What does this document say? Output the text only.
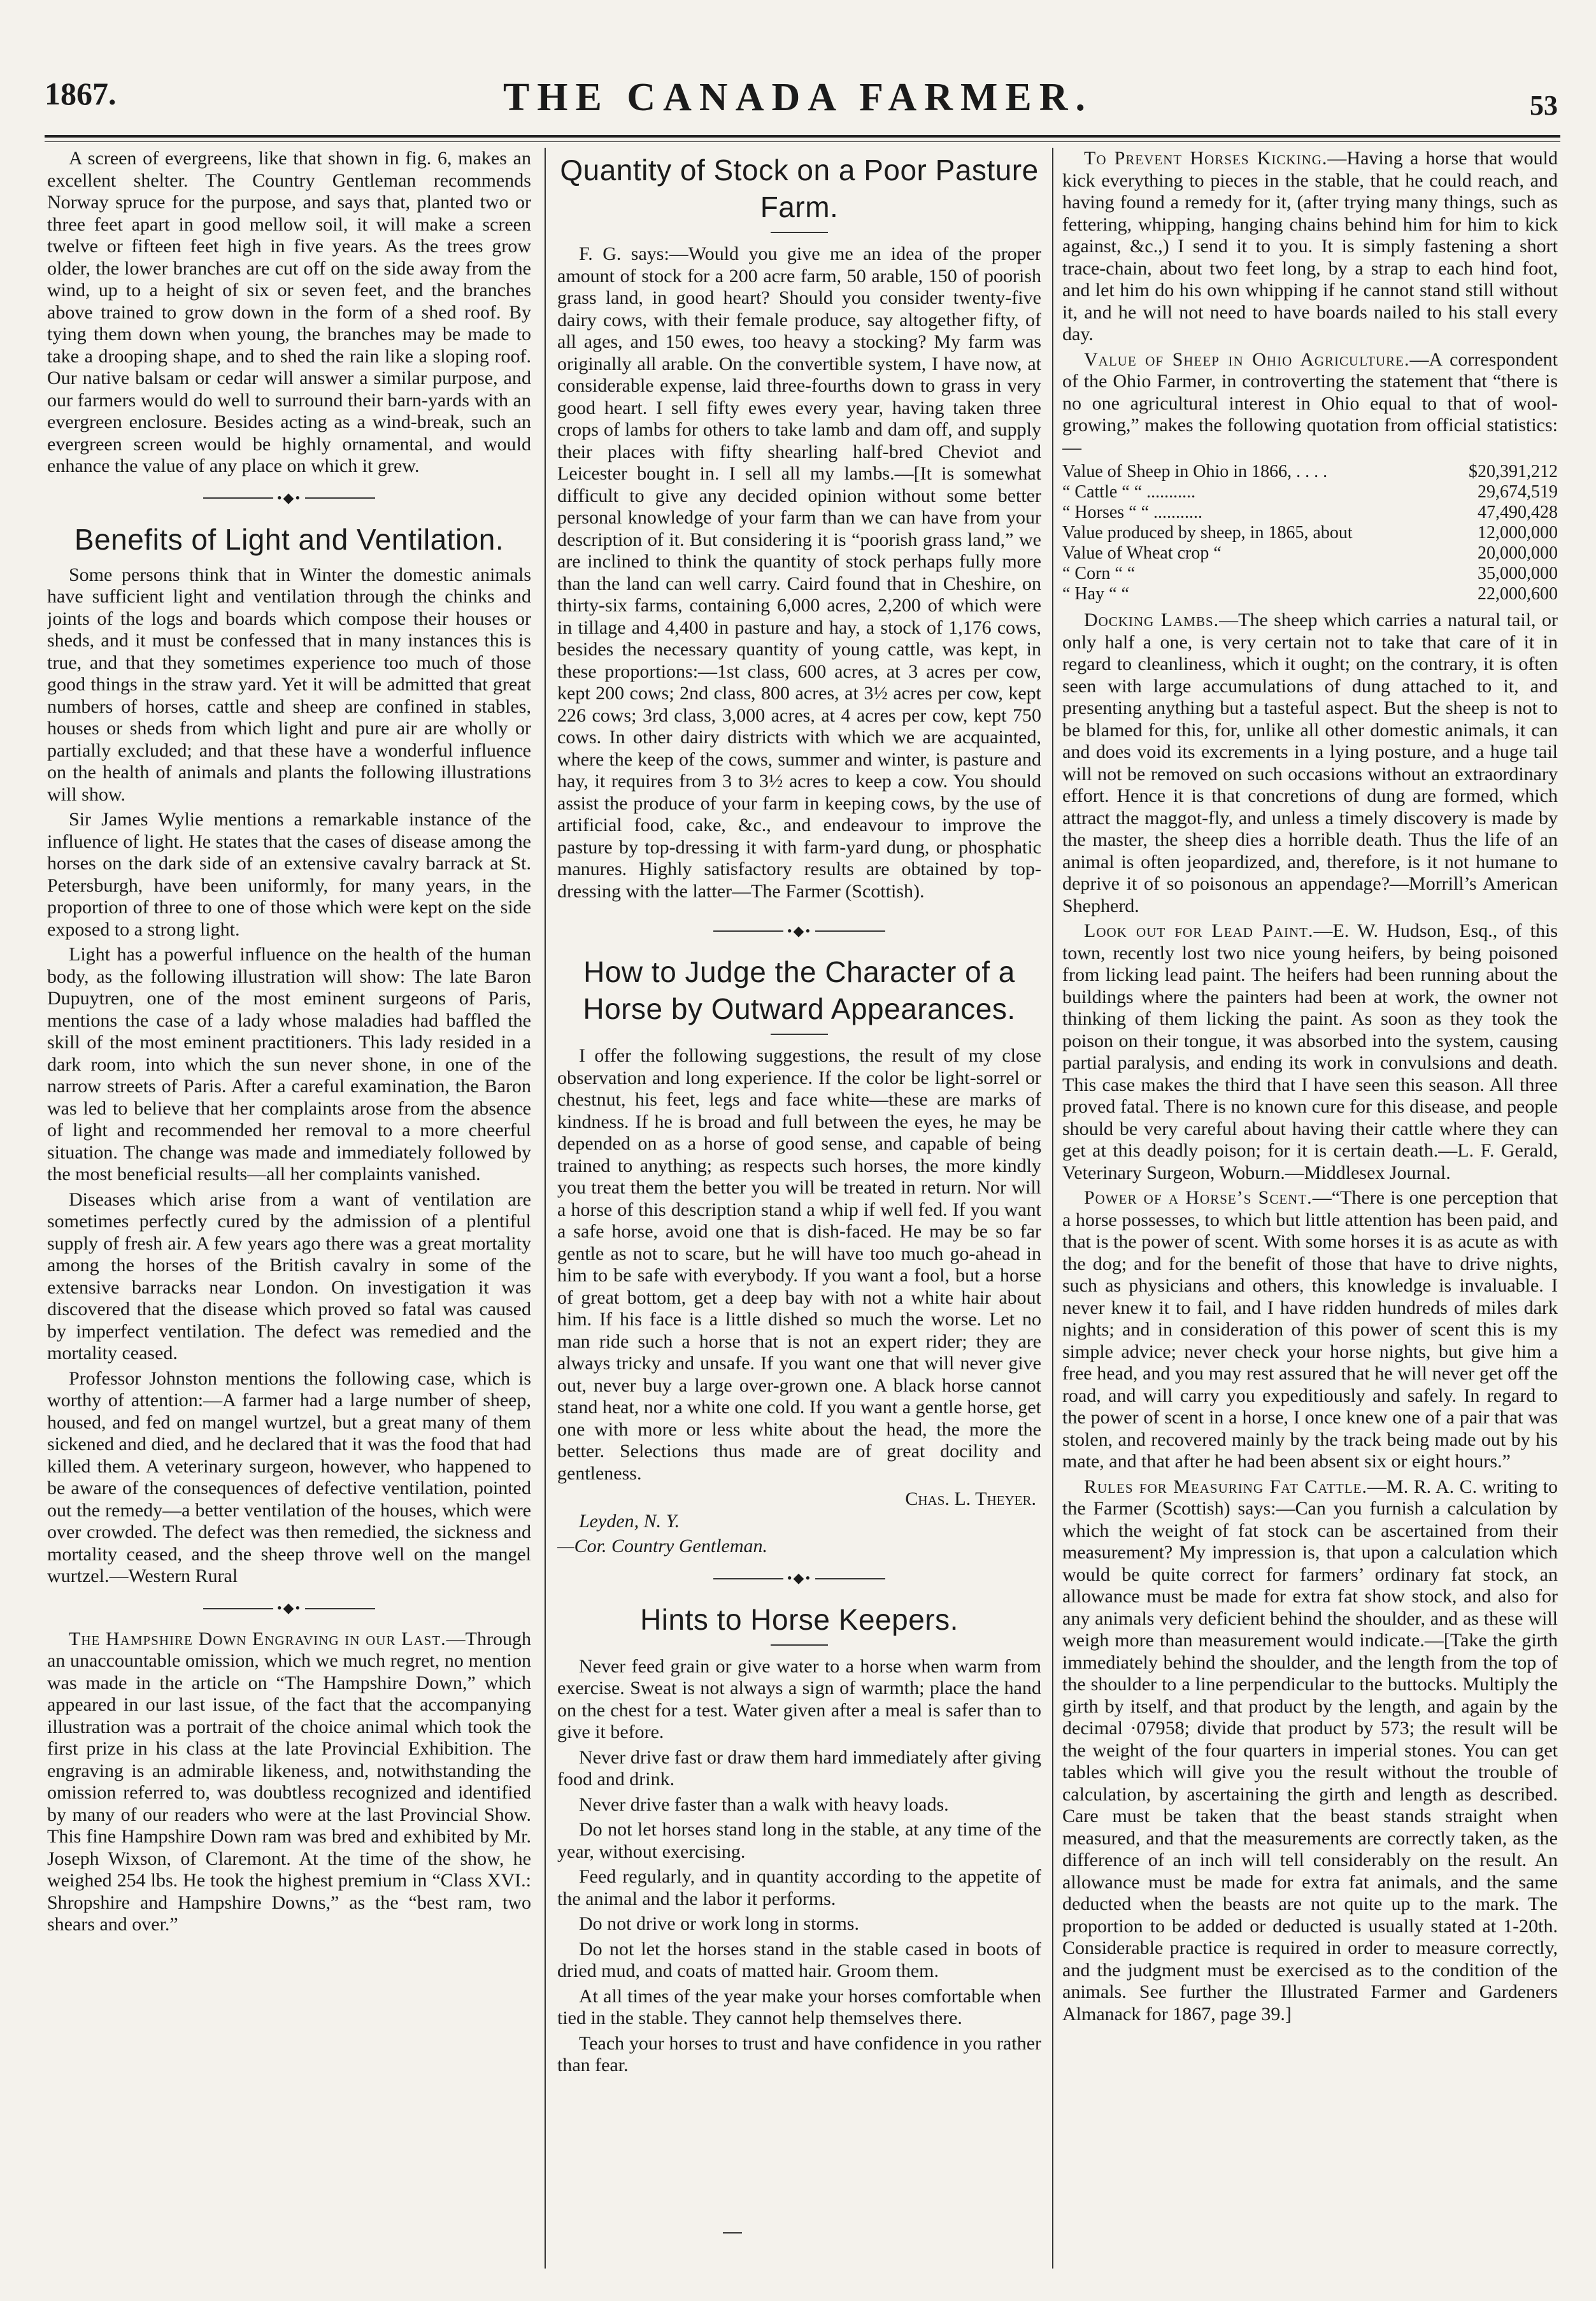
1867.	THE CANADA FARMER.	53

A screen of evergreens, like that shown in fig. 6, makes an excellent shelter. The Country Gentleman recommends Norway spruce for the purpose, and says that, planted two or three feet apart in good mellow soil, it will make a screen twelve or fifteen feet high in five years. As the trees grow older, the lower branches are cut off on the side away from the wind, up to a height of six or seven feet, and the branches above trained to grow down in the form of a shed roof. By tying them down when young, the branches may be made to take a drooping shape, and to shed the rain like a sloping roof. Our native balsam or cedar will answer a similar purpose, and our farmers would do well to surround their barn-yards with an evergreen enclosure. Besides acting as a wind-break, such an evergreen screen would be highly ornamental, and would enhance the value of any place on which it grew.

•◆•
Benefits of Light and Ventilation.

Some persons think that in Winter the domestic animals have sufficient light and ventilation through the chinks and joints of the logs and boards which compose their houses or sheds, and it must be confessed that in many instances this is true, and that they sometimes experience too much of those good things in the straw yard. Yet it will be admitted that great numbers of horses, cattle and sheep are confined in stables, houses or sheds from which light and pure air are wholly or partially excluded; and that these have a wonderful influence on the health of animals and plants the following illustrations will show.

Sir James Wylie mentions a remarkable instance of the influence of light. He states that the cases of disease among the horses on the dark side of an extensive cavalry barrack at St. Petersburgh, have been uniformly, for many years, in the proportion of three to one of those which were kept on the side exposed to a strong light.

Light has a powerful influence on the health of the human body, as the following illustration will show: The late Baron Dupuytren, one of the most eminent surgeons of Paris, mentions the case of a lady whose maladies had baffled the skill of the most eminent practitioners. This lady resided in a dark room, into which the sun never shone, in one of the narrow streets of Paris. After a careful examination, the Baron was led to believe that her complaints arose from the absence of light and recommended her removal to a more cheerful situation. The change was made and immediately followed by the most beneficial results—all her complaints vanished.

Diseases which arise from a want of ventilation are sometimes perfectly cured by the admission of a plentiful supply of fresh air. A few years ago there was a great mortality among the horses of the British cavalry in some of the extensive barracks near London. On investigation it was discovered that the disease which proved so fatal was caused by imperfect ventilation. The defect was remedied and the mortality ceased.

Professor Johnston mentions the following case, which is worthy of attention:—A farmer had a large number of sheep, housed, and fed on mangel wurtzel, but a great many of them sickened and died, and he declared that it was the food that had killed them. A veterinary surgeon, however, who happened to be aware of the consequences of defective ventilation, pointed out the remedy—a better ventilation of the houses, which were over crowded. The defect was then remedied, the sickness and mortality ceased, and the sheep throve well on the mangel wurtzel.—Western Rural

•◆•

The Hampshire Down Engraving in our Last.—Through an unaccountable omission, which we much regret, no mention was made in the article on “The Hampshire Down,” which appeared in our last issue, of the fact that the accompanying illustration was a portrait of the choice animal which took the first prize in his class at the late Provincial Exhibition. The engraving is an admirable likeness, and, notwithstanding the omission referred to, was doubtless recognized and identified by many of our readers who were at the last Provincial Show. This fine Hampshire Down ram was bred and exhibited by Mr. Joseph Wixson, of Claremont. At the time of the show, he weighed 254 lbs. He took the highest premium in “Class XVI.: Shropshire and Hampshire Downs,” as the “best ram, two shears and over.”

Quantity of Stock on a Poor Pasture Farm.

F. G. says:—Would you give me an idea of the proper amount of stock for a 200 acre farm, 50 arable, 150 of poorish grass land, in good heart? Should you consider twenty-five dairy cows, with their female produce, say altogether fifty, of all ages, and 150 ewes, too heavy a stocking? My farm was originally all arable. On the convertible system, I have now, at considerable expense, laid three-fourths down to grass in very good heart. I sell fifty ewes every year, having taken three crops of lambs for others to take lamb and dam off, and supply their places with fifty shearling half-bred Cheviot and Leicester bought in. I sell all my lambs.—[It is somewhat difficult to give any decided opinion without some better personal knowledge of your farm than we can have from your description of it. But considering it is “poorish grass land,” we are inclined to think the quantity of stock perhaps fully more than the land can well carry. Caird found that in Cheshire, on thirty-six farms, containing 6,000 acres, 2,200 of which were in tillage and 4,400 in pasture and hay, a stock of 1,176 cows, besides the necessary quantity of young cattle, was kept, in these proportions:—1st class, 600 acres, at 3 acres per cow, kept 200 cows; 2nd class, 800 acres, at 3½ acres per cow, kept 226 cows; 3rd class, 3,000 acres, at 4 acres per cow, kept 750 cows. In other dairy districts with which we are acquainted, where the keep of the cows, summer and winter, is pasture and hay, it requires from 3 to 3½ acres to keep a cow. You should assist the produce of your farm in keeping cows, by the use of artificial food, cake, &c., and endeavour to improve the pasture by top-dressing it with farm-yard dung, or phosphatic manures. Highly satisfactory results are obtained by top-dressing with the latter—The Farmer (Scottish).

•◆•
How to Judge the Character of a Horse by Outward Appearances.

I offer the following suggestions, the result of my close observation and long experience. If the color be light-sorrel or chestnut, his feet, legs and face white—these are marks of kindness. If he is broad and full between the eyes, he may be depended on as a horse of good sense, and capable of being trained to anything; as respects such horses, the more kindly you treat them the better you will be treated in return. Nor will a horse of this description stand a whip if well fed. If you want a safe horse, avoid one that is dish-faced. He may be so far gentle as not to scare, but he will have too much go-ahead in him to be safe with everybody. If you want a fool, but a horse of great bottom, get a deep bay with not a white hair about him. If his face is a little dished so much the worse. Let no man ride such a horse that is not an expert rider; they are always tricky and unsafe. If you want one that will never give out, never buy a large over-grown one. A black horse cannot stand heat, nor a white one cold. If you want a gentle horse, get one with more or less white about the head, the more the better. Selections thus made are of great docility and gentleness.

Chas. L. Theyer.

Leyden, N. Y.

—Cor. Country Gentleman.

•◆•
Hints to Horse Keepers.

Never feed grain or give water to a horse when warm from exercise. Sweat is not always a sign of warmth; place the hand on the chest for a test. Water given after a meal is safer than to give it before.

Never drive fast or draw them hard immediately after giving food and drink.

Never drive faster than a walk with heavy loads.

Do not let horses stand long in the stable, at any time of the year, without exercising.

Feed regularly, and in quantity according to the appetite of the animal and the labor it performs.

Do not drive or work long in storms.

Do not let the horses stand in the stable cased in boots of dried mud, and coats of matted hair. Groom them.

At all times of the year make your horses comfortable when tied in the stable. They cannot help themselves there.

Teach your horses to trust and have confidence in you rather than fear.

To Prevent Horses Kicking.—Having a horse that would kick everything to pieces in the stable, that he could reach, and having found a remedy for it, (after trying many things, such as fettering, whipping, hanging chains behind him for him to kick against, &c.,) I send it to you. It is simply fastening a short trace-chain, about two feet long, by a strap to each hind foot, and let him do his own whipping if he cannot stand still without it, and he will not need to have boards nailed to his stall every day.

Value of Sheep in Ohio Agriculture.—A correspondent of the Ohio Farmer, in controverting the statement that “there is no one agricultural interest in Ohio equal to that of wool-growing,” makes the following quotation from official statistics:—

Value of Sheep in Ohio in 1866, . . . .	$20,391,212
“ Cattle “ “ ...........	29,674,519
“ Horses “ “ ...........	47,490,428
Value produced by sheep, in 1865, about	12,000,000
Value of Wheat crop “	20,000,000
“ Corn “ “	35,000,000
“ Hay “ “	22,000,600

Docking Lambs.—The sheep which carries a natural tail, or only half a one, is very certain not to take that care of it in regard to cleanliness, which it ought; on the contrary, it is often seen with large accumulations of dung attached to it, and presenting anything but a tasteful aspect. But the sheep is not to be blamed for this, for, unlike all other domestic animals, it can and does void its excrements in a lying posture, and a huge tail will not be removed on such occasions without an extraordinary effort. Hence it is that concretions of dung are formed, which attract the maggot-fly, and unless a timely discovery is made by the master, the sheep dies a horrible death. Thus the life of an animal is often jeopardized, and, therefore, is it not humane to deprive it of so poisonous an appendage?—Morrill’s American Shepherd.

Look out for Lead Paint.—E. W. Hudson, Esq., of this town, recently lost two nice young heifers, by being poisoned from licking lead paint. The heifers had been running about the buildings where the painters had been at work, the owner not thinking of them licking the paint. As soon as they took the poison on their tongue, it was absorbed into the system, causing partial paralysis, and ending its work in convulsions and death. This case makes the third that I have seen this season. All three proved fatal. There is no known cure for this disease, and people should be very careful about having their cattle where they can get at this deadly poison; for it is certain death.—L. F. Gerald, Veterinary Surgeon, Woburn.—Middlesex Journal.

Power of a Horse’s Scent.—“There is one perception that a horse possesses, to which but little attention has been paid, and that is the power of scent. With some horses it is as acute as with the dog; and for the benefit of those that have to drive nights, such as physicians and others, this knowledge is invaluable. I never knew it to fail, and I have ridden hundreds of miles dark nights; and in consideration of this power of scent this is my simple advice; never check your horse nights, but give him a free head, and you may rest assured that he will never get off the road, and will carry you expeditiously and safely. In regard to the power of scent in a horse, I once knew one of a pair that was stolen, and recovered mainly by the track being made out by his mate, and that after he had been absent six or eight hours.”

Rules for Measuring Fat Cattle.—M. R. A. C. writing to the Farmer (Scottish) says:—Can you furnish a calculation by which the weight of fat stock can be ascertained from their measurement? My impression is, that upon a calculation which would be quite correct for farmers’ ordinary fat stock, an allowance must be made for extra fat show stock, and also for any animals very deficient behind the shoulder, and as these will weigh more than measurement would indicate.—[Take the girth immediately behind the shoulder, and the length from the top of the shoulder to a line perpendicular to the buttocks. Multiply the girth by itself, and that product by the length, and again by the decimal ·07958; divide that product by 573; the result will be the weight of the four quarters in imperial stones. You can get tables which will give you the result without the trouble of calculation, by ascertaining the girth and length as described. Care must be taken that the beast stands straight when measured, and that the measurements are correctly taken, as the difference of an inch will tell considerably on the result. An allowance must be made for extra fat animals, and the same deducted when the beasts are not quite up to the mark. The proportion to be added or deducted is usually stated at 1-20th. Considerable practice is required in order to measure correctly, and the judgment must be exercised as to the condition of the animals. See further the Illustrated Farmer and Gardeners Almanack for 1867, page 39.]
